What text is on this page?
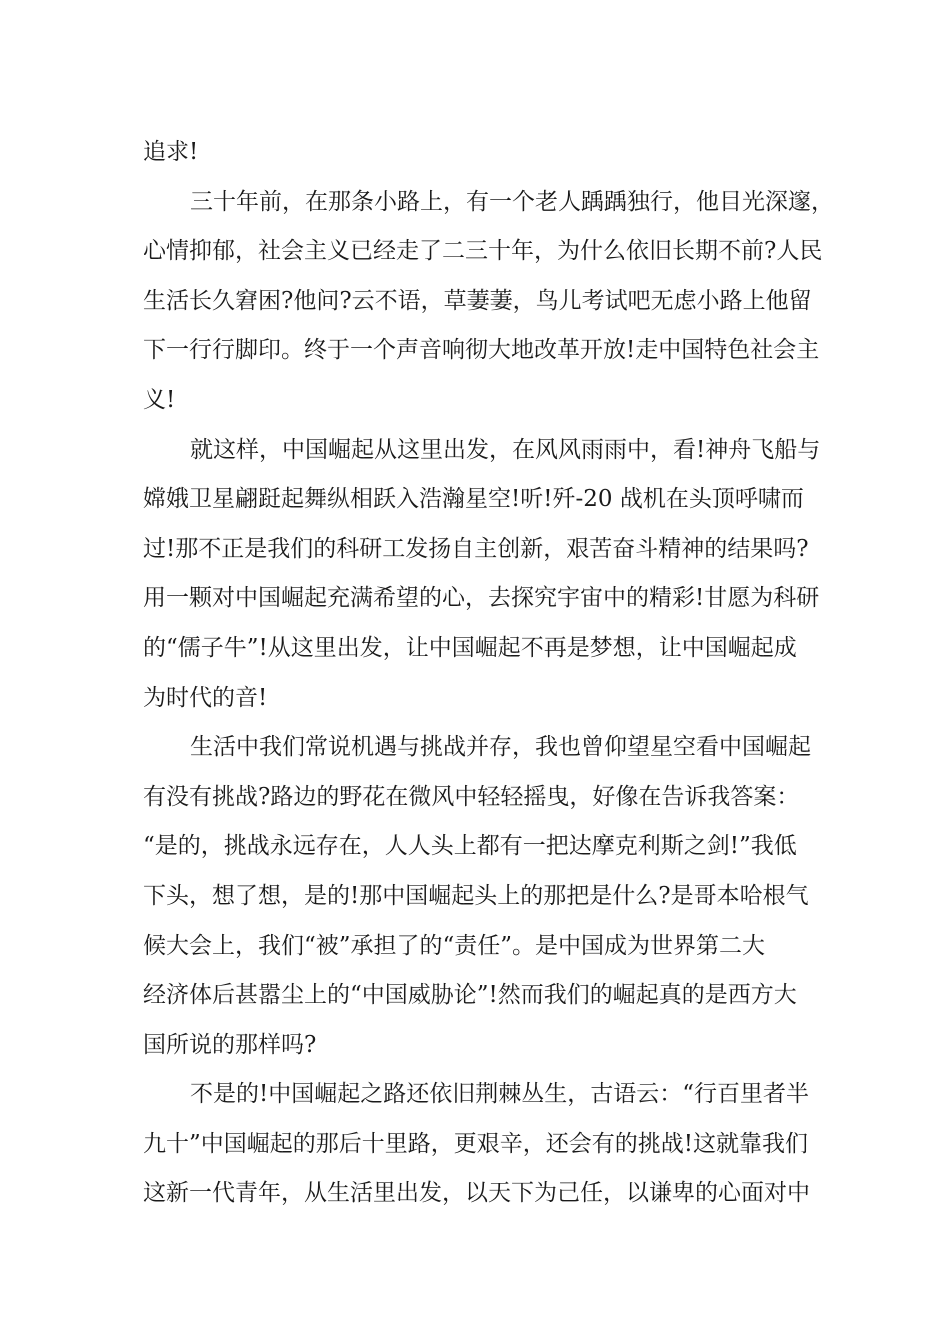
追求!
三十年前，在那条小路上，有一个老人踽踽独行，他目光深邃，
心情抑郁，社会主义已经走了二三十年，为什么依旧长期不前?人民
生活长久窘困?他问?云不语，草萋萋，鸟儿考试吧无虑小路上他留
下一行行脚印。终于一个声音响彻大地改革开放!走中国特色社会主
义!
就这样，中国崛起从这里出发，在风风雨雨中，看!神舟飞船与
嫦娥卫星翩跹起舞纵相跃入浩瀚星空!听!歼-20 战机在头顶呼啸而
过!那不正是我们的科研工发扬自主创新，艰苦奋斗精神的结果吗?
用一颗对中国崛起充满希望的心，去探究宇宙中的精彩!甘愿为科研
的“儒子牛”!从这里出发，让中国崛起不再是梦想，让中国崛起成
为时代的音!
生活中我们常说机遇与挑战并存，我也曾仰望星空看中国崛起
有没有挑战?路边的野花在微风中轻轻摇曳，好像在告诉我答案：
“是的，挑战永远存在，人人头上都有一把达摩克利斯之剑!”我低
下头，想了想，是的!那中国崛起头上的那把是什么?是哥本哈根气
候大会上，我们“被”承担了的“责任”。是中国成为世界第二大
经济体后甚嚣尘上的“中国威胁论”!然而我们的崛起真的是西方大
国所说的那样吗?
不是的!中国崛起之路还依旧荆棘丛生，古语云：“行百里者半
九十”中国崛起的那后十里路，更艰辛，还会有的挑战!这就靠我们
这新一代青年，从生活里出发，以天下为己任，以谦卑的心面对中
